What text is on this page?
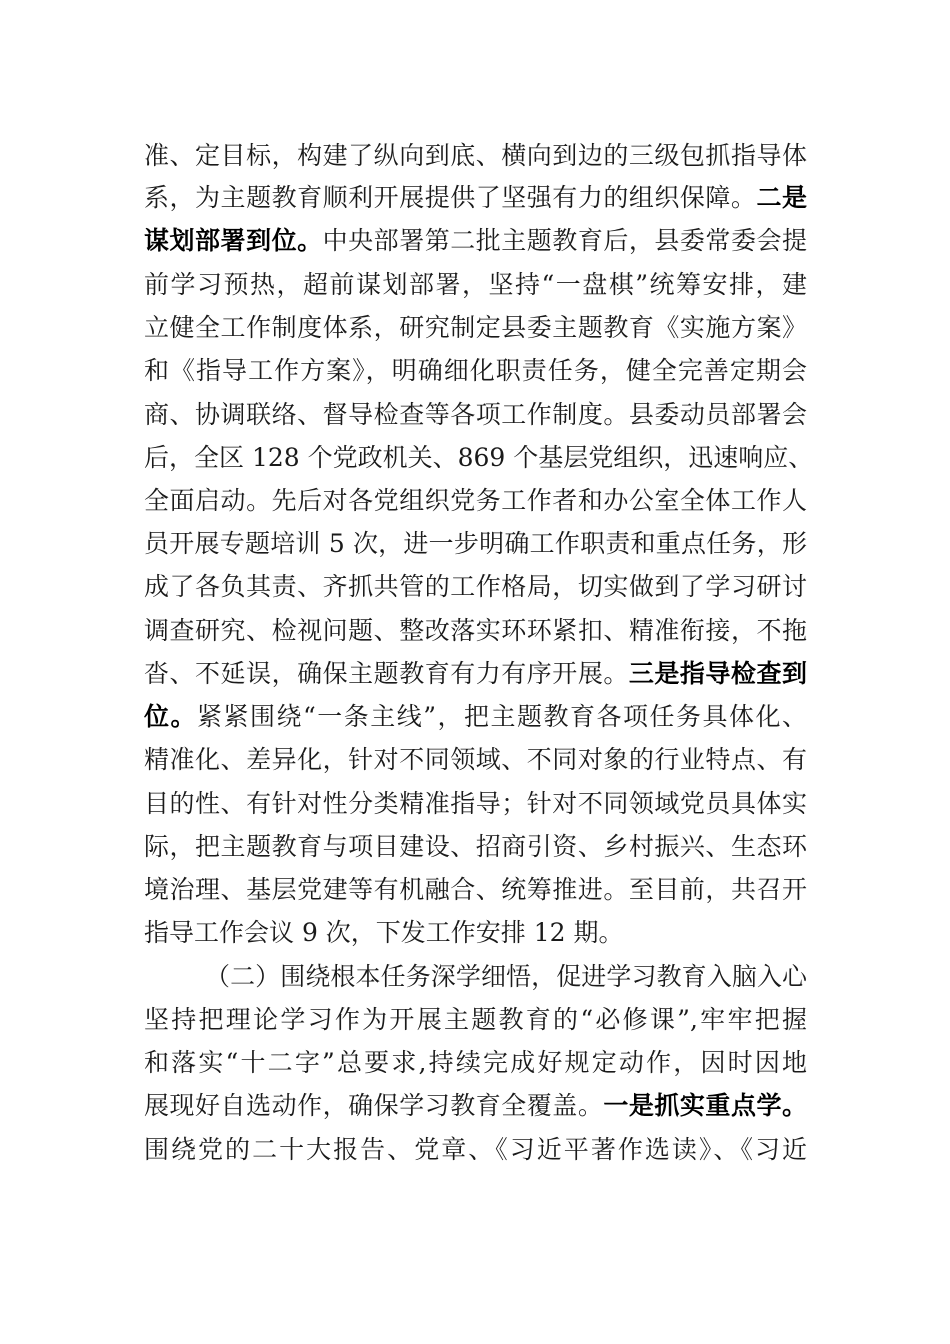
准、定目标，构建了纵向到底、横向到边的三级包抓指导体
系，为主题教育顺利开展提供了坚强有力的组织保障。二是
谋划部署到位。中央部署第二批主题教育后，县委常委会提
前学习预热，超前谋划部署，坚持“一盘棋”统筹安排，建
立健全工作制度体系，研究制定县委主题教育《实施方案》
和《指导工作方案》，明确细化职责任务，健全完善定期会
商、协调联络、督导检查等各项工作制度。县委动员部署会
后，全区 128 个党政机关、869 个基层党组织，迅速响应、
全面启动。先后对各党组织党务工作者和办公室全体工作人
员开展专题培训 5 次，进一步明确工作职责和重点任务，形
成了各负其责、齐抓共管的工作格局，切实做到了学习研讨
调查研究、检视问题、整改落实环环紧扣、精准衔接，不拖
沓、不延误，确保主题教育有力有序开展。三是指导检查到
位。紧紧围绕“一条主线”，把主题教育各项任务具体化、
精准化、差异化，针对不同领域、不同对象的行业特点、有
目的性、有针对性分类精准指导；针对不同领域党员具体实
际，把主题教育与项目建设、招商引资、乡村振兴、生态环
境治理、基层党建等有机融合、统筹推进。至目前，共召开
指导工作会议 9 次，下发工作安排 12 期。
（二）围绕根本任务深学细悟，促进学习教育入脑入心
坚持把理论学习作为开展主题教育的“必修课”,牢牢把握
和落实“十二字”总要求,持续完成好规定动作，因时因地
展现好自选动作，确保学习教育全覆盖。一是抓实重点学。
围绕党的二十大报告、党章、《习近平著作选读》、《习近
